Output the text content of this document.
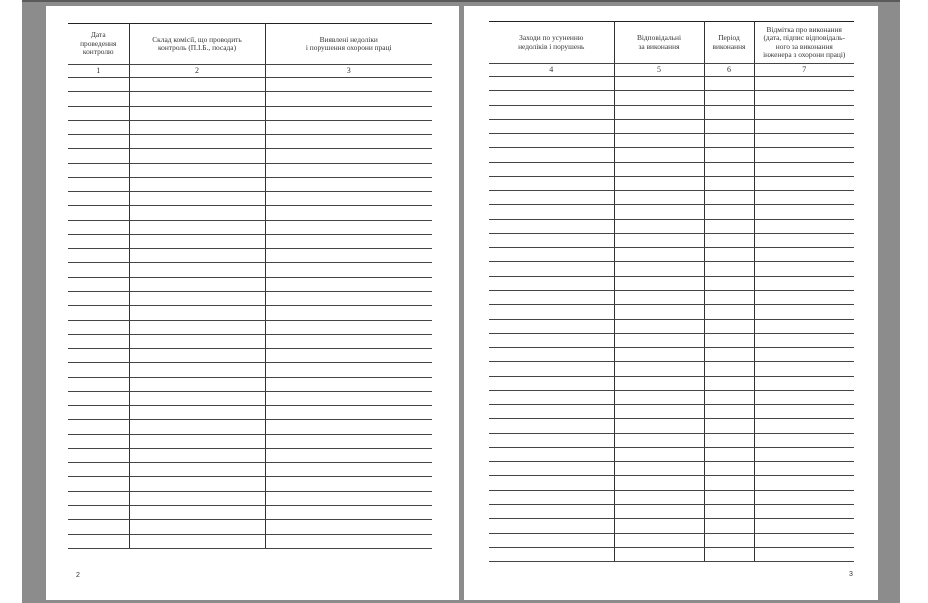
Дата
проведення
контролю	Склад комісії, що проводить
контроль (П.І.Б., посада)	Виявлені недоліки
і порушення охорони праці
1	2	3

2
Заходи по усуненню
недоліків і порушень	Відповідальні
за виконання	Період
виконання	Відмітка про виконання
(дата, підпис відповідаль-
ного за виконання
інженера з охорони праці)
4	5	6	7

3
